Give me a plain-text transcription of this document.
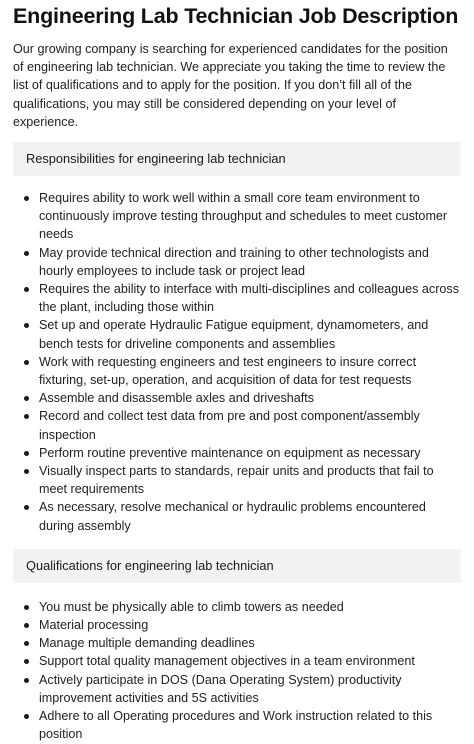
Engineering Lab Technician Job Description

Our growing company is searching for experienced candidates for the position of engineering lab technician. We appreciate you taking the time to review the list of qualifications and to apply for the position. If you don’t fill all of the qualifications, you may still be considered depending on your level of experience.

Responsibilities for engineering lab technician
Requires ability to work well within a small core team environment to continuously improve testing throughput and schedules to meet customer needs
May provide technical direction and training to other technologists and hourly employees to include task or project lead
Requires the ability to interface with multi-disciplines and colleagues across the plant, including those within
Set up and operate Hydraulic Fatigue equipment, dynamometers, and bench tests for driveline components and assemblies
Work with requesting engineers and test engineers to insure correct fixturing, set-up, operation, and acquisition of data for test requests
Assemble and disassemble axles and driveshafts
Record and collect test data from pre and post component/assembly inspection
Perform routine preventive maintenance on equipment as necessary
Visually inspect parts to standards, repair units and products that fail to meet requirements
As necessary, resolve mechanical or hydraulic problems encountered during assembly
Qualifications for engineering lab technician
You must be physically able to climb towers as needed
Material processing
Manage multiple demanding deadlines
Support total quality management objectives in a team environment
Actively participate in DOS (Dana Operating System) productivity improvement activities and 5S activities
Adhere to all Operating procedures and Work instruction related to this position
